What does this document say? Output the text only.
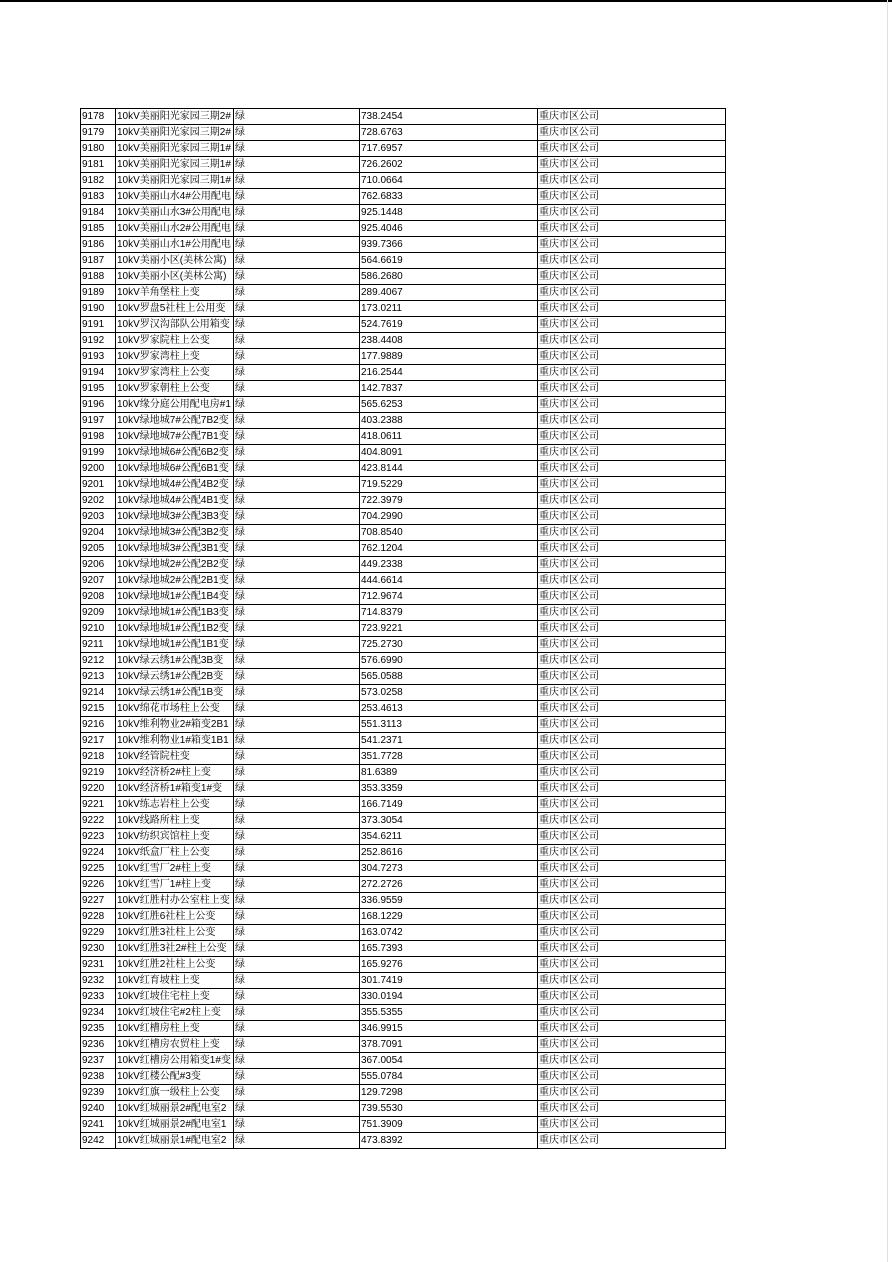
9178	10kV美丽阳光家园三期2#	绿	738.2454	重庆市区公司
9179	10kV美丽阳光家园三期2#	绿	728.6763	重庆市区公司
9180	10kV美丽阳光家园三期1#	绿	717.6957	重庆市区公司
9181	10kV美丽阳光家园三期1#	绿	726.2602	重庆市区公司
9182	10kV美丽阳光家园三期1#	绿	710.0664	重庆市区公司
9183	10kV美丽山水4#公用配电	绿	762.6833	重庆市区公司
9184	10kV美丽山水3#公用配电	绿	925.1448	重庆市区公司
9185	10kV美丽山水2#公用配电	绿	925.4046	重庆市区公司
9186	10kV美丽山水1#公用配电	绿	939.7366	重庆市区公司
9187	10kV美丽小区(美林公寓)	绿	564.6619	重庆市区公司
9188	10kV美丽小区(美林公寓)	绿	586.2680	重庆市区公司
9189	10kV羊角堡柱上变	绿	289.4067	重庆市区公司
9190	10kV罗盘5社柱上公用变	绿	173.0211	重庆市区公司
9191	10kV罗汉沟部队公用箱变	绿	524.7619	重庆市区公司
9192	10kV罗家院柱上公变	绿	238.4408	重庆市区公司
9193	10kV罗家湾柱上变	绿	177.9889	重庆市区公司
9194	10kV罗家湾柱上公变	绿	216.2544	重庆市区公司
9195	10kV罗家朝柱上公变	绿	142.7837	重庆市区公司
9196	10kV缘分庭公用配电房#1	绿	565.6253	重庆市区公司
9197	10kV绿地城7#公配7B2变	绿	403.2388	重庆市区公司
9198	10kV绿地城7#公配7B1变	绿	418.0611	重庆市区公司
9199	10kV绿地城6#公配6B2变	绿	404.8091	重庆市区公司
9200	10kV绿地城6#公配6B1变	绿	423.8144	重庆市区公司
9201	10kV绿地城4#公配4B2变	绿	719.5229	重庆市区公司
9202	10kV绿地城4#公配4B1变	绿	722.3979	重庆市区公司
9203	10kV绿地城3#公配3B3变	绿	704.2990	重庆市区公司
9204	10kV绿地城3#公配3B2变	绿	708.8540	重庆市区公司
9205	10kV绿地城3#公配3B1变	绿	762.1204	重庆市区公司
9206	10kV绿地城2#公配2B2变	绿	449.2338	重庆市区公司
9207	10kV绿地城2#公配2B1变	绿	444.6614	重庆市区公司
9208	10kV绿地城1#公配1B4变	绿	712.9674	重庆市区公司
9209	10kV绿地城1#公配1B3变	绿	714.8379	重庆市区公司
9210	10kV绿地城1#公配1B2变	绿	723.9221	重庆市区公司
9211	10kV绿地城1#公配1B1变	绿	725.2730	重庆市区公司
9212	10kV绿云绣1#公配3B变	绿	576.6990	重庆市区公司
9213	10kV绿云绣1#公配2B变	绿	565.0588	重庆市区公司
9214	10kV绿云绣1#公配1B变	绿	573.0258	重庆市区公司
9215	10kV绵花市场柱上公变	绿	253.4613	重庆市区公司
9216	10kV维利物业2#箱变2B1	绿	551.3113	重庆市区公司
9217	10kV维利物业1#箱变1B1	绿	541.2371	重庆市区公司
9218	10kV经管院柱变	绿	351.7728	重庆市区公司
9219	10kV经济桥2#柱上变	绿	81.6389	重庆市区公司
9220	10kV经济桥1#箱变1#变	绿	353.3359	重庆市区公司
9221	10kV练志岩柱上公变	绿	166.7149	重庆市区公司
9222	10kV线路所柱上变	绿	373.3054	重庆市区公司
9223	10kV纺织宾馆柱上变	绿	354.6211	重庆市区公司
9224	10kV纸盒厂柱上公变	绿	252.8616	重庆市区公司
9225	10kV红雪厂2#柱上变	绿	304.7273	重庆市区公司
9226	10kV红雪厂1#柱上变	绿	272.2726	重庆市区公司
9227	10kV红胜村办公室柱上变	绿	336.9559	重庆市区公司
9228	10kV红胜6社柱上公变	绿	168.1229	重庆市区公司
9229	10kV红胜3社柱上公变	绿	163.0742	重庆市区公司
9230	10kV红胜3社2#柱上公变	绿	165.7393	重庆市区公司
9231	10kV红胜2社柱上公变	绿	165.9276	重庆市区公司
9232	10kV红育坡柱上变	绿	301.7419	重庆市区公司
9233	10kV红坡住宅柱上变	绿	330.0194	重庆市区公司
9234	10kV红坡住宅#2柱上变	绿	355.5355	重庆市区公司
9235	10kV红槽房柱上变	绿	346.9915	重庆市区公司
9236	10kV红槽房农贸柱上变	绿	378.7091	重庆市区公司
9237	10kV红槽房公用箱变1#变	绿	367.0054	重庆市区公司
9238	10kV红楼公配#3变	绿	555.0784	重庆市区公司
9239	10kV红旗一级柱上公变	绿	129.7298	重庆市区公司
9240	10kV红城丽景2#配电室2	绿	739.5530	重庆市区公司
9241	10kV红城丽景2#配电室1	绿	751.3909	重庆市区公司
9242	10kV红城丽景1#配电室2	绿	473.8392	重庆市区公司
